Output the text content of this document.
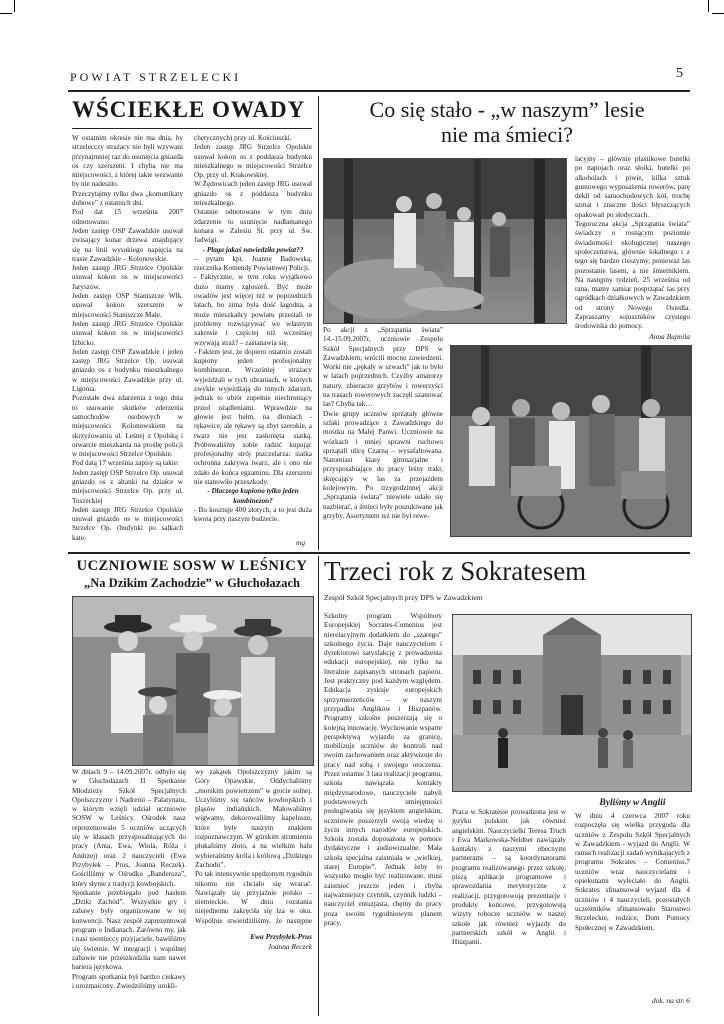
POWIAT STRZELECKI	5
WŚCIEKŁE OWADY

W ostatnim okresie nie ma dnia, by strzelecczy strażacy nie byli wzywani przynajmniej raz do usunięcia gniazda os czy szerszeni. I chyba nie ma miejscowości, z której takie wezwanie by nie nadeszło.
Przeczytajmy tylko dwa „komunikaty dobowe” z ostatnich dni.
Pod dat 15 września 2007 odnotowano:
Jeden zastęp OSP Zawadzkie usuwał zwisający konar drzewa znajdujący się na linii wysokiego napięcia na trasie Zawadzkie – Kolonowskie.
Jeden zastęp JRG Strzelce Opolskie usuwał kokon os w miejscowości Jaryszów.
Jeden zastęp OSP Staniszcze Wlk. usuwał kokon szerszeni w miejscowości Staniszcze Małe.
Jeden zastęp JRG Strzelce Opolskie usuwał kokon os w miejscowości Izbicko.
Jeden zastęp OSP Zawadzkie i jeden zastęp JRG Strzelce Op. usuwał gniazdo os z budynku mieszkalnego w miejscowości Zawadzkie przy ul. Ligonia.
Pozostałe dwa zdarzenia z tego dnia to usuwanie skutków zderzenia samochodów osobowych w miejscowości Kolonowskiem na skrzyżowaniu ul. Leśnej z Opolską i otwarcie mieszkania na prośbę policji w miejscowości Strzelce Opolskie.
Pod datą 17 września zapisy są takie:
Jeden zastęp OSP Strzelce Op. usuwał gniazdo os z altanki na działce w miejscowości Strzelce Op. przy ul. Toszeckiej
Jeden zastęp JRG Strzelce Opolskie usuwał gniazdo os w miejscowości Strzelce Op. (budynki po salkach kate-

chetycznych) przy ul. Kościuszki.
Jeden zastęp JRG Strzelce Opolskie usuwał kokon os z poddasza budynku mieszkalnego w miejscowości Strzelce Op. przy ul. Krakowskiej.
W Żędowicach jeden zastęp JRG usuwał gniazdo os z poddasza budynku mieszkalnego.
Ostatnie odnotowane w tym dniu zdarzenie to usunięcie nadłamanego konara w Zalesiu Śl. przy ul. Św. Jadwigi.

- Plaga jakaś nawiedziła powiat??

– pytam kpt. Joannę Badowską, rzecznika Komendy Powiatowej Policji.
- Faktycznie, w tym roku wyjątkowo dużo mamy zgłoszeń. Być może owadów jest więcej niż w poprzednich latach, bo zima była dość łagodna, a może mieszkańcy powiatu przestali te problemy rozwiązywać we własnym zakresie i częściej niż wcześniej wzywają straż? – zastanawia się.
- Faktem jest, że dopiero ostatnio zostali kupiony jeden profesjonalny kombinezon. Wcześniej strażacy wyjeżdżali w tych ubraniach, w których zwykle wyjeżdżają do innych zdarzeń, jednak to ubiór zupełnie niechroniący przed użądleniami. Wprawdzie na głowie jest hełm, na dłoniach - rękawice, ale rękawy są zbyt szerokie, a twarz nie jest zasłonięta siatką. Próbowaliśmy sobie radzić kupując profesjonalny strój pszczelarza: siatka ochronna zakrywa twarz, ale i ono nie zdało do końca egzaminu. Dla szerszeni nie stanowiło przeszkody.

- Dlaczego kupiono tylko jeden kombinezon?

- Bo kosztuje 400 złotych, a to jest duża kwota przy naszym budżecie.

mg
Co się stało - „w naszym” lesie
nie ma śmieci?

Po akcji z „Sprzątania świata” 14.-15.09.2007r, uczniowie Zespołu Szkół Specjalnych przy DPS w Zawadzkiem, wrócili mocno zawiedzeni. Worki nie „pękały w szwach” jak to było w latach poprzednich. Czyżby amatorzy natury, zbieracze grzybów i rowerzyści na trasach rowerowych zaczęli szanować las? Chyba tak…
Dwie grupy uczniów sprzątały główne szlaki prowadzące z Zawadzkiego do mostku na Małej Panwi. Uczniowie na wózkach i mniej sprawni ruchowo sprzątali ulicę Czarną – wysafaltowana. Natomiast klasy gimnazjalne i przysposabiające do pracy leśny trakt, skręcający w las za przejazdem kolejowym. Po trzygodzinnej akcji „Sprzątania świata” niewiele udało się nazbierać, a śmieci były poszukiwane jak grzyby. Asortyment też nie był rewe-

lacyjny – głównie plastikowe butelki po napojach oraz słoiki, butelki po alkoholach i piwie, kilka sztuk gumowego wyposażenia rowerów, parę dekli od samochodowych kół, trochę szmat i znaczne ilości błyszczących opakowań po słodyczach.
Tegoroczna akcja „Sprzątania świata” świadczy o rosnącym poziomie świadomości ekologicznej naszego społeczeństwa, głównie lokalnego i z tego się bardzo cieszymy, ponieważ las pozostanie lasem, a nie śmietnikiem. Na następny tydzień, 25 września od rana, mamy zamiar posprzątać las przy ogródkach działkowych w Zawadzkiem od strony Nowego Osiedla. Zapraszamy sojuszników czystego środowiska do pomocy.

Anna Bujmila
UCZNIOWIE SOSW W LEŚNICY
„Na Dzikim Zachodzie” w Głuchołazach

W dniach 9 – 14.09.2007r. odbyło się w Głuchołazach II Spotkanie Młodzieży Szkół Specjalnych Opolszczyzny i Nadrenii – Palatynatu, w którym wzięli udział uczniowie SOSW w Leśnicy. Ośrodek nasz reprezentowało 5 uczniów uczących się w klasach przysposabiających do pracy (Ania, Ewa, Wiola, Róża i Andrzej) oraz 2 nauczycieli (Ewa Przybyłek – Prus, Joanna Reczek). Gościliśmy w Ośrodku „Banderoza”, który słynie z tradycji kowbojskich.
Spotkanie przebiegało pod hasłem „Dziki Zachód”. Wszystkie gry i zabawy były organizowane w tej konwencji. Nasz zespół zaprezentował program o Indianach. Zarówno my, jak i nasi niemieccy przyjaciele, bawiliśmy się świetnie. W integracji i wspólnej zabawie nie przeszkodziła nam nawet bariera językowa.
Program spotkania był bardzo ciekawy i urozmaicony. Zwiedziliśmy urokli-

wy zakątek Opolszczyzny jakim są Góry Opawskie. Oddychaliśmy „morskim powietrzem” w grocie solnej. Uczyliśmy się tańców kowbojskich i pląsów indiańskich. Malowaliśmy wigwamy, dekorowaliśmy kapelusze, które były naszym znakiem rozpoznawczym. W górskim strumieniu płukaliśmy złoto, a na wielkim balu wybieraliśmy króla i królową „Dzikiego Zachodu”.
Po tak intensywnie spędzonym tygodniu nikomu nie chciało się wracać. Nawiązały się przyjaźnie polsko – niemieckie. W dniu rozstania niejednemu zakręciła się łza w oku. Wspólnie stwierdziliśmy, że następne

Ewa Przybyłek-Prus
Joanna Reczek
Trzeci rok z Sokratesem
Zespół Szkół Specjalnych przy DPS w Zawadzkiem

Szkolny program Wspólnoty Europejskiej Socrates-Comenius jest nierelacyjnym dodatkiem do „szarego” szkolnego życia. Daje nauczycielom i dyrektorowi satysfakcję z prowadzenia edukacji europejskiej, nie tylko na literalnie zapisanych stronach papieru. Jest praktyczny pod każdym względem. Edukacja zyskuje europejskich sprzymierzeńców – w naszym przypadku Anglików i Hiszpanów. Programy szkolne poszerzają się o kolejną innowację. Wychowanie wsparte perspektywą wyjazdu za granicę, mobilizuje uczniów do kontroli nad swoim zachowaniem oraz aktywizuje do pracy nad sobą i swojego otoczenia. Przez ostatnie 3 lata realizacji programu, szkoła nawiązała kontakty międzynarodowe, nauczyciele nabyli podstawowych umiejętności posługiwania się językiem angielskim, uczniowie poszerzyli swoją wiedzę o życiu innych narodów europejskich. Szkoła została doposażona w pomoce dydaktyczne i audiowizualne. Mała szkoła specjalna zaistniała w „wielkiej, starej Europie”. Jednak żeby to wszystko mogło być realizowane, musi zaistnieć jeszcze jeden i chyba najważniejszy czynnik, czynnik ludzki – nauczyciel entuzjasta, chętny do pracy poza swoim tygodniowym planem pracy.

Praca w Sokratesie prowadzona jest w języku polskim jak również angielskim. Nauczycielki Teresa Truch i Ewa Markowska-Neldner nawiązały kontakty z naszymi obecnymi partnerami – są koordynatorami programu realizowanego przez szkołę, piszą aplikacje programowe i sprawozdania merytoryczne z realizacji, przygotowują prezentacje i produkty końcowe, przygotowują wizyty robocze uczniów w naszej szkole jak również wyjazdy do partnerskich szkół w Anglii i Hiszpanii.

Byliśmy w Anglii

W dniu 4 czerwca 2007 roku rozpoczęła się wielka przygoda dla uczniów z Zespołu Szkół Specjalnych w Zawadzkiem - wyjazd do Anglii. W ramach realizacji zadań wynikających z programu Sokrates – Comenius,7 uczniów wraz nauczycielami i opiekunami wyleciało do Anglii. Sokrates sfinansował wyjazd dla 4 uczniów i 4 nauczycieli, pozostałych uczestników sfinansowało Starostwo Strzeleckie, rodzice, Dom Pomocy Społecznej w Zawadzkiem,

dok. na str. 6
